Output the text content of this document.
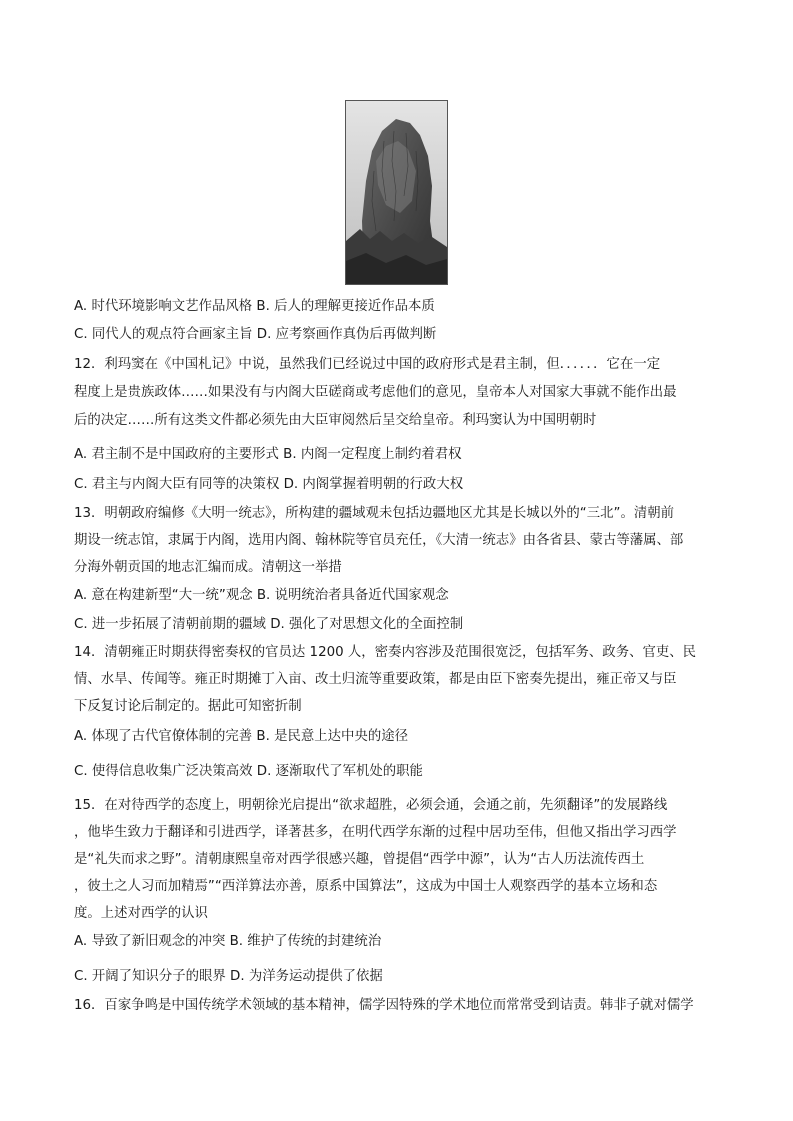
A. 时代环境影响文艺作品风格 B. 后人的理解更接近作品本质
C. 同代人的观点符合画家主旨 D. 应考察画作真伪后再做判断
12．利玛窦在《中国札记》中说，虽然我们已经说过中国的政府形式是君主制，但．．．．．．它在一定
程度上是贵族政体……如果没有与内阁大臣磋商或考虑他们的意见，皇帝本人对国家大事就不能作出最
后的决定……所有这类文件都必须先由大臣审阅然后呈交给皇帝。利玛窦认为中国明朝时
A. 君主制不是中国政府的主要形式 B. 内阁一定程度上制约着君权
C. 君主与内阁大臣有同等的决策权 D. 内阁掌握着明朝的行政大权
13．明朝政府编修《大明一统志》，所构建的疆域观未包括边疆地区尤其是长城以外的“三北”。清朝前
期设一统志馆，隶属于内阁，选用内阁、翰林院等官员充任，《大清一统志》由各省县、蒙古等藩属、部
分海外朝贡国的地志汇编而成。清朝这一举措
A. 意在构建新型“大一统”观念 B. 说明统治者具备近代国家观念
C. 进一步拓展了清朝前期的疆域 D. 强化了对思想文化的全面控制
14．清朝雍正时期获得密奏权的官员达 1200 人，密奏内容涉及范围很宽泛，包括军务、政务、官吏、民
情、水旱、传闻等。雍正时期摊丁入亩、改土归流等重要政策，都是由臣下密奏先提出，雍正帝又与臣
下反复讨论后制定的。据此可知密折制
A. 体现了古代官僚体制的完善 B. 是民意上达中央的途径
C. 使得信息收集广泛决策高效 D. 逐渐取代了军机处的职能
15．在对待西学的态度上，明朝徐光启提出“欲求超胜，必须会通，会通之前，先须翻译”的发展路线
，他毕生致力于翻译和引进西学，译著甚多，在明代西学东渐的过程中居功至伟，但他又指出学习西学
是“礼失而求之野”。清朝康熙皇帝对西学很感兴趣，曾提倡“西学中源”，认为“古人历法流传西土
，彼土之人习而加精焉”“西洋算法亦善，原系中国算法”，这成为中国士人观察西学的基本立场和态
度。上述对西学的认识
A. 导致了新旧观念的冲突 B. 维护了传统的封建统治
C. 开阔了知识分子的眼界 D. 为洋务运动提供了依据
16．百家争鸣是中国传统学术领域的基本精神，儒学因特殊的学术地位而常常受到诘责。韩非子就对儒学
